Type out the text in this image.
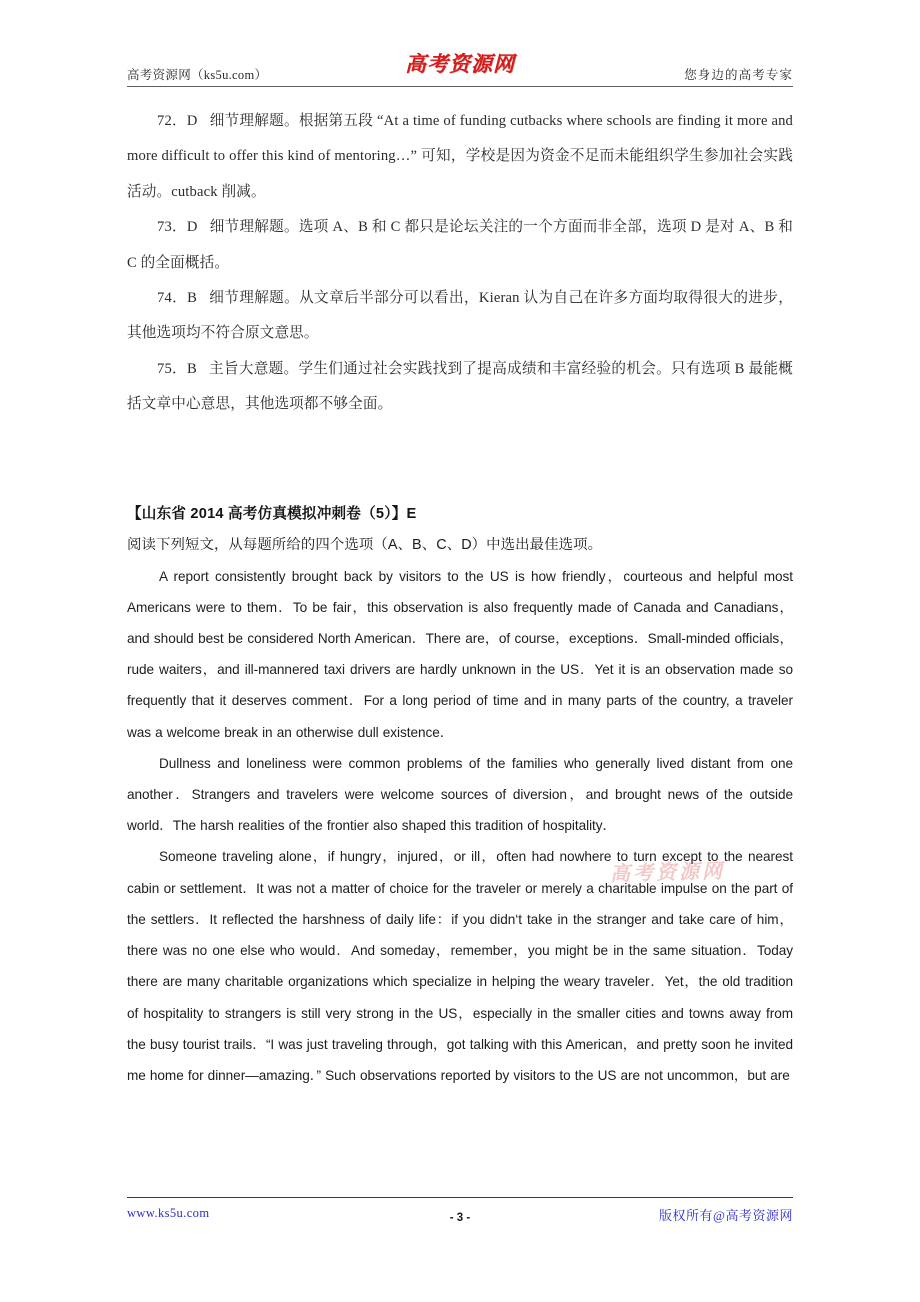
高考资源网（ks5u.com）	高考资源网	您身边的高考专家

72．D 细节理解题。根据第五段 “At a time of funding cutbacks where schools are finding it more and more difficult to offer this kind of mentoring…” 可知，学校是因为资金不足而未能组织学生参加社会实践活动。cutback 削减。

73．D 细节理解题。选项 A、B 和 C 都只是论坛关注的一个方面而非全部，选项 D 是对 A、B 和 C 的全面概括。

74．B 细节理解题。从文章后半部分可以看出，Kieran 认为自己在许多方面均取得很大的进步，其他选项均不符合原文意思。

75．B 主旨大意题。学生们通过社会实践找到了提高成绩和丰富经验的机会。只有选项 B 最能概括文章中心意思，其他选项都不够全面。

【山东省 2014 高考仿真模拟冲刺卷（5）】E

阅读下列短文，从每题所给的四个选项（A、B、C、D）中选出最佳选项。

A report consistently brought back by visitors to the US is how friendly，courteous and helpful most Americans were to them．To be fair，this observation is also frequently made of Canada and Canadians，and should best be considered North American．There are，of course，exceptions．Small-minded officials，rude waiters，and ill-mannered taxi drivers are hardly unknown in the US．Yet it is an observation made so frequently that it deserves comment．For a long period of time and in many parts of the country, a traveler was a welcome break in an otherwise dull existence．

Dullness and loneliness were common problems of the families who generally lived distant from one another．Strangers and travelers were welcome sources of diversion，and brought news of the outside world．The harsh realities of the frontier also shaped this tradition of hospitality．

Someone traveling alone，if hungry，injured，or ill，often had nowhere to turn except to the nearest cabin or settlement．It was not a matter of choice for the traveler or merely a charitable impulse on the part of the settlers．It reflected the harshness of daily life：if you didn‘t take in the stranger and take care of him，there was no one else who would．And someday，remember，you might be in the same situation．Today there are many charitable organizations which specialize in helping the weary traveler．Yet，the old tradition of hospitality to strangers is still very strong in the US，especially in the smaller cities and towns away from the busy tourist trails．“I was just traveling through，got talking with this American，and pretty soon he invited me home for dinner—amazing．” Such observations reported by visitors to the US are not uncommon，but are

高考资源网
www.ks5u.com	- 3 -	版权所有@高考资源网
